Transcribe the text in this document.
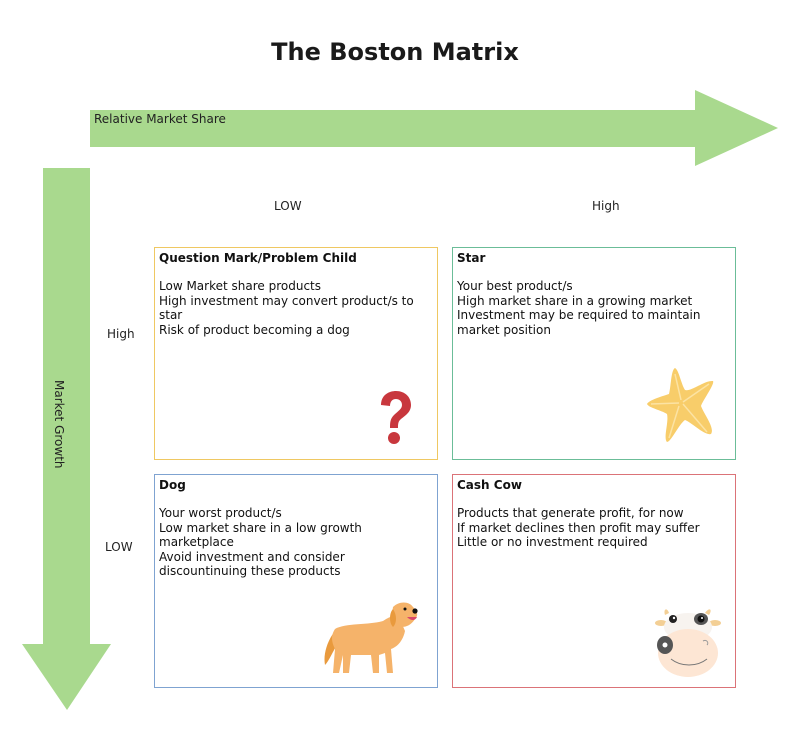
The Boston Matrix
Relative Market Share
Market Growth
LOW	High
High
LOW
Question Mark/Problem Child
Low Market share products
High investment may convert product/s to star
Risk of product becoming a dog
Star
Your best product/s
High market share in a growing market
Investment may be required to maintain market position
Dog
Your worst product/s
Low market share in a low growth marketplace
Avoid investment and consider discountinuing these products
Cash Cow
Products that generate profit, for now
If market declines then profit may suffer
Little or no investment required
